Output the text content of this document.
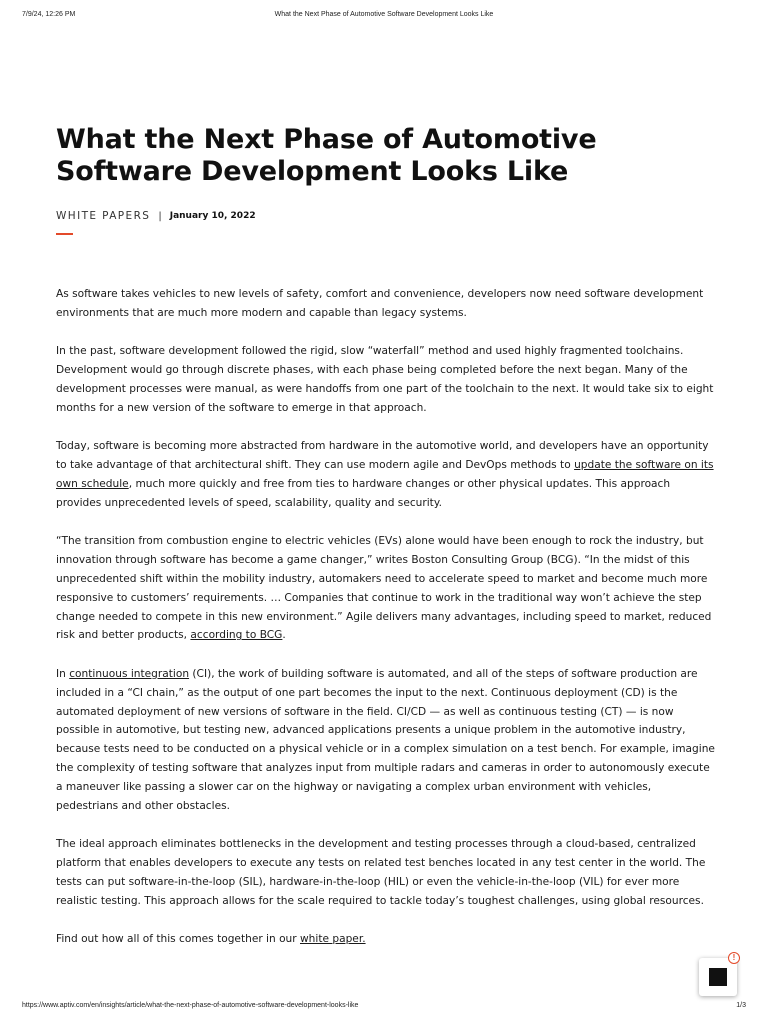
7/9/24, 12:26 PM	What the Next Phase of Automotive Software Development Looks Like
What the Next Phase of Automotive Software Development Looks Like
WHITE PAPERS | January 10, 2022

As software takes vehicles to new levels of safety, comfort and convenience, developers now need software development environments that are much more modern and capable than legacy systems.

In the past, software development followed the rigid, slow “waterfall” method and used highly fragmented toolchains. Development would go through discrete phases, with each phase being completed before the next began. Many of the development processes were manual, as were handoffs from one part of the toolchain to the next. It would take six to eight months for a new version of the software to emerge in that approach.

Today, software is becoming more abstracted from hardware in the automotive world, and developers have an opportunity to take advantage of that architectural shift. They can use modern agile and DevOps methods to update the software on its own schedule, much more quickly and free from ties to hardware changes or other physical updates. This approach provides unprecedented levels of speed, scalability, quality and security.

“The transition from combustion engine to electric vehicles (EVs) alone would have been enough to rock the industry, but innovation through software has become a game changer,” writes Boston Consulting Group (BCG). “In the midst of this unprecedented shift within the mobility industry, automakers need to accelerate speed to market and become much more responsive to customers’ requirements. … Companies that continue to work in the traditional way won’t achieve the step change needed to compete in this new environment.” Agile delivers many advantages, including speed to market, reduced risk and better products, according to BCG.

In continuous integration (CI), the work of building software is automated, and all of the steps of software production are included in a “CI chain,” as the output of one part becomes the input to the next. Continuous deployment (CD) is the automated deployment of new versions of software in the field. CI/CD — as well as continuous testing (CT) — is now possible in automotive, but testing new, advanced applications presents a unique problem in the automotive industry, because tests need to be conducted on a physical vehicle or in a complex simulation on a test bench. For example, imagine the complexity of testing software that analyzes input from multiple radars and cameras in order to autonomously execute a maneuver like passing a slower car on the highway or navigating a complex urban environment with vehicles, pedestrians and other obstacles.

The ideal approach eliminates bottlenecks in the development and testing processes through a cloud-based, centralized platform that enables developers to execute any tests on related test benches located in any test center in the world. The tests can put software-in-the-loop (SIL), hardware-in-the-loop (HIL) or even the vehicle-in-the-loop (VIL) for ever more realistic testing. This approach allows for the scale required to tackle today’s toughest challenges, using global resources.

Find out how all of this comes together in our white paper.

!
https://www.aptiv.com/en/insights/article/what-the-next-phase-of-automotive-software-development-looks-like	1/3
